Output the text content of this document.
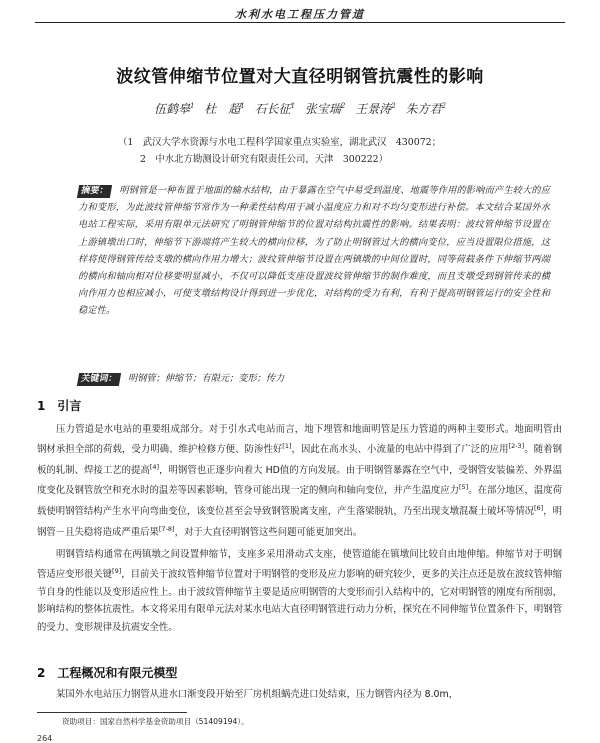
水利水电工程压力管道
波纹管伸缩节位置对大直径明钢管抗震性的影响
伍鹤皋$^1$ 杜　超$^1$ 石长征$^1$ 张宝瑞$^2$ 王景涛$^2$ 朱方君$^2$
（1　武汉大学水资源与水电工程科学国家重点实验室，湖北武汉　430072；
2　中水北方勘测设计研究有限责任公司，天津　300222）
摘要： 明钢管是一种布置于地面的输水结构，由于暴露在空气中易受到温度、地震等作用的影响而产生较大的应力和变形，为此波纹管伸缩节常作为一种柔性结构用于减小温度应力和对不均匀变形进行补偿。本文结合某国外水电站工程实际，采用有限单元法研究了明钢管伸缩节的位置对结构抗震性的影响。结果表明：波纹管伸缩节设置在上游镇墩出口时，伸缩节下游端将产生较大的横向位移，为了防止明钢管过大的横向变位，应当设置限位措施，这样将使得钢管传给支墩的横向作用力增大；波纹管伸缩节设置在两镇墩的中间位置时，同等荷载条件下伸缩节两端的横向和轴向相对位移要明显减小，不仅可以降低支座设置波纹管伸缩节的制作难度，而且支墩受到钢管传来的横向作用力也相应减小，可使支墩结构设计得到进一步优化，对结构的受力有利，有利于提高明钢管运行的安全性和稳定性。
关键词： 明钢管；伸缩节；有限元；变形；传力
1 引言
压力管道是水电站的重要组成部分。对于引水式电站而言，地下埋管和地面明管是压力管道的两种主要形式。地面明管由钢材承担全部的荷载，受力明确、维护检修方便、防渗性好[1]，因此在高水头、小流量的电站中得到了广泛的应用[2-3]。随着钢板的轧制、焊接工艺的提高[4]，明钢管也正逐步向着大 HD值的方向发展。由于明钢管暴露在空气中，受钢管安装偏差、外界温度变化及钢管放空和充水时的温差等因素影响，管身可能出现一定的侧向和轴向变位，并产生温度应力[5]。在部分地区，温度荷载使明钢管结构产生水平向弯曲变位，该变位甚至会导致钢管脱离支座，产生落梁脱轨，乃至出现支墩混凝土破坏等情况[6]，明钢管－且失稳将造成严重后果[7-8]，对于大直径明钢管这些问题可能更加突出。
明钢管结构通常在两镇墩之间设置伸缩节，支座多采用滑动式支座，使管道能在镇墩间比较自由地伸缩。伸缩节对于明钢管适应变形很关键[9]，目前关于波纹管伸缩节位置对于明钢管的变形及应力影响的研究较少，更多的关注点还是放在波纹管伸缩节自身的性能以及变形适应性上。由于波纹管伸缩节主要是适应明钢管的大变形而引入结构中的，它对明钢管的刚度有所削弱，影响结构的整体抗震性。本文将采用有限单元法对某水电站大直径明钢管进行动力分析，探究在不同伸缩节位置条件下，明钢管的受力、变形规律及抗震安全性。
2 工程概况和有限元模型
某国外水电站压力钢管从进水口渐变段开始至厂房机组蜗壳进口处结束，压力钢管内径为 8.0m，
资助项目：国家自然科学基金资助项目（51409194）。
264
